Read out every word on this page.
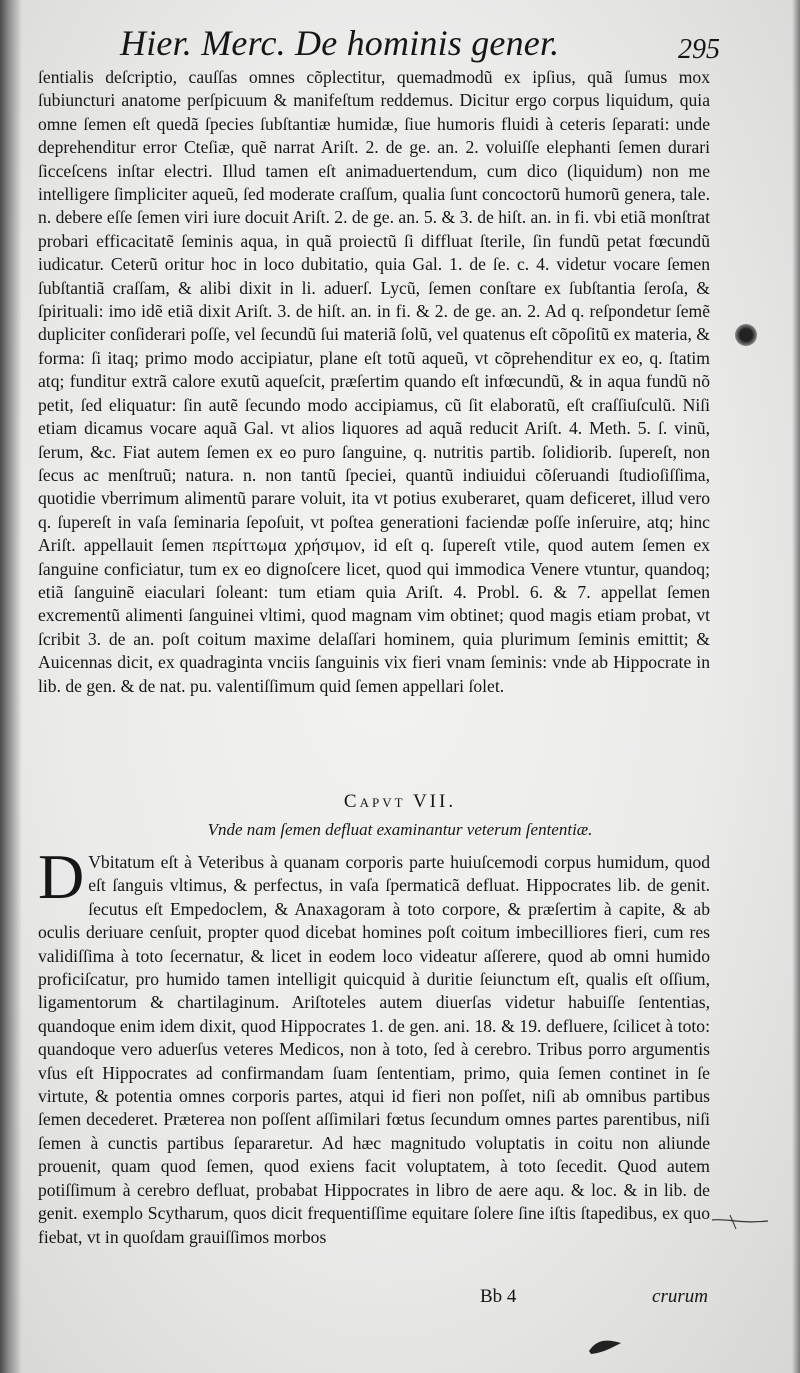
Hier. Merc. De hominis gener.	295

ſentialis deſcriptio, cauſſas omnes cõplectitur, quemadmodũ ex ipſius, quã ſumus mox ſubiuncturi anatome perſpicuum & manifeſtum reddemus. Dicitur ergo corpus liquidum, quia omne ſemen eſt quedã ſpecies ſubſtantiæ humidæ, ſiue humoris fluidi à ceteris ſeparati: unde deprehenditur error Cteſiæ, quẽ narrat Ariſt. 2. de ge. an. 2. voluiſſe elephanti ſemen durari ſicceſcens inſtar electri. Illud tamen eſt animaduertendum, cum dico (liquidum) non me intelligere ſimpliciter aqueũ, ſed moderate craſſum, qualia ſunt concoctorũ humorũ genera, tale. n. debere eſſe ſemen viri iure docuit Ariſt. 2. de ge. an. 5. & 3. de hiſt. an. in fi. vbi etiã monſtrat probari efficacitatẽ ſeminis aqua, in quã proiectũ ſi diffluat ſterile, ſin fundũ petat fœcundũ iudicatur. Ceterũ oritur hoc in loco dubitatio, quia Gal. 1. de ſe. c. 4. videtur vocare ſemen ſubſtantiã craſſam, & alibi dixit in li. aduerſ. Lycũ, ſemen conſtare ex ſubſtantia ſeroſa, & ſpirituali: imo idẽ etiã dixit Ariſt. 3. de hiſt. an. in fi. & 2. de ge. an. 2. Ad q. reſpondetur ſemẽ dupliciter conſiderari poſſe, vel ſecundũ ſui materiã ſolũ, vel quatenus eſt cõpoſitũ ex materia, & forma: ſi itaq; primo modo accipiatur, plane eſt totũ aqueũ, vt cõprehenditur ex eo, q. ſtatim atq; funditur extrã calore exutũ aqueſcit, præſertim quando eſt infœcundũ, & in aqua fundũ nõ petit, ſed eliquatur: ſin autẽ ſecundo modo accipiamus, cũ ſit elaboratũ, eſt craſſiuſculũ. Niſi etiam dicamus vocare aquã Gal. vt alios liquores ad aquã reducit Ariſt. 4. Meth. 5. ſ. vinũ, ſerum, &c. Fiat autem ſemen ex eo puro ſanguine, q. nutritis partib. ſolidiorib. ſupereſt, non ſecus ac menſtruũ; natura. n. non tantũ ſpeciei, quantũ indiuidui cõſeruandi ſtudioſiſſima, quotidie vberrimum alimentũ parare voluit, ita vt potius exuberaret, quam deficeret, illud vero q. ſupereſt in vaſa ſeminaria ſepoſuit, vt poſtea generationi faciendæ poſſe inſeruire, atq; hinc Ariſt. appellauit ſemen περίττωμα χρήσιμον, id eſt q. ſupereſt vtile, quod autem ſemen ex ſanguine conficiatur, tum ex eo dignoſcere licet, quod qui immodica Venere vtuntur, quandoq; etiã ſanguinẽ eiaculari ſoleant: tum etiam quia Ariſt. 4. Probl. 6. & 7. appellat ſemen excrementũ alimenti ſanguinei vltimi, quod magnam vim obtinet; quod magis etiam probat, vt ſcribit 3. de an. poſt coitum maxime delaſſari hominem, quia plurimum ſeminis emittit; & Auicennas dicit, ex quadraginta vnciis ſanguinis vix fieri vnam ſeminis: vnde ab Hippocrate in lib. de gen. & de nat. pu. valentiſſimum quid ſemen appellari ſolet.

Capvt VII.
Vnde nam ſemen defluat examinantur veterum ſententiæ.
D Vbitatum eſt à Veteribus à quanam corporis parte huiuſcemodi corpus humidum, quod eſt ſanguis vltimus, & perfectus, in vaſa ſpermaticã defluat. Hippocrates lib. de genit. ſecutus eſt Empedoclem, & Anaxagoram à toto corpore, & præſertim à capite, & ab oculis deriuare cenſuit, propter quod dicebat homines poſt coitum imbecilliores fieri, cum res validiſſima à toto ſecernatur, & licet in eodem loco videatur aſſerere, quod ab omni humido proficiſcatur, pro humido tamen intelligit quicquid à duritie ſeiunctum eſt, qualis eſt oſſium, ligamentorum & chartilaginum. Ariſtoteles autem diuerſas videtur habuiſſe ſententias, quandoque enim idem dixit, quod Hippocrates 1. de gen. ani. 18. & 19. defluere, ſcilicet à toto: quandoque vero aduerſus veteres Medicos, non à toto, ſed à cerebro. Tribus porro argumentis vſus eſt Hippocrates ad confirmandam ſuam ſententiam, primo, quia ſemen continet in ſe virtute, & potentia omnes corporis partes, atqui id fieri non poſſet, niſi ab omnibus partibus ſemen decederet. Præterea non poſſent aſſimilari fœtus ſecundum omnes partes parentibus, niſi ſemen à cunctis partibus ſepararetur. Ad hæc magnitudo voluptatis in coitu non aliunde prouenit, quam quod ſemen, quod exiens facit voluptatem, à toto ſecedit. Quod autem potiſſimum à cerebro defluat, probabat Hippocrates in libro de aere aqu. & loc. & in lib. de genit. exemplo Scytharum, quos dicit frequentiſſime equitare ſolere ſine iſtis ſtapedibus, ex quo fiebat, vt in quoſdam grauiſſimos morbos

Bb 4	crurum
